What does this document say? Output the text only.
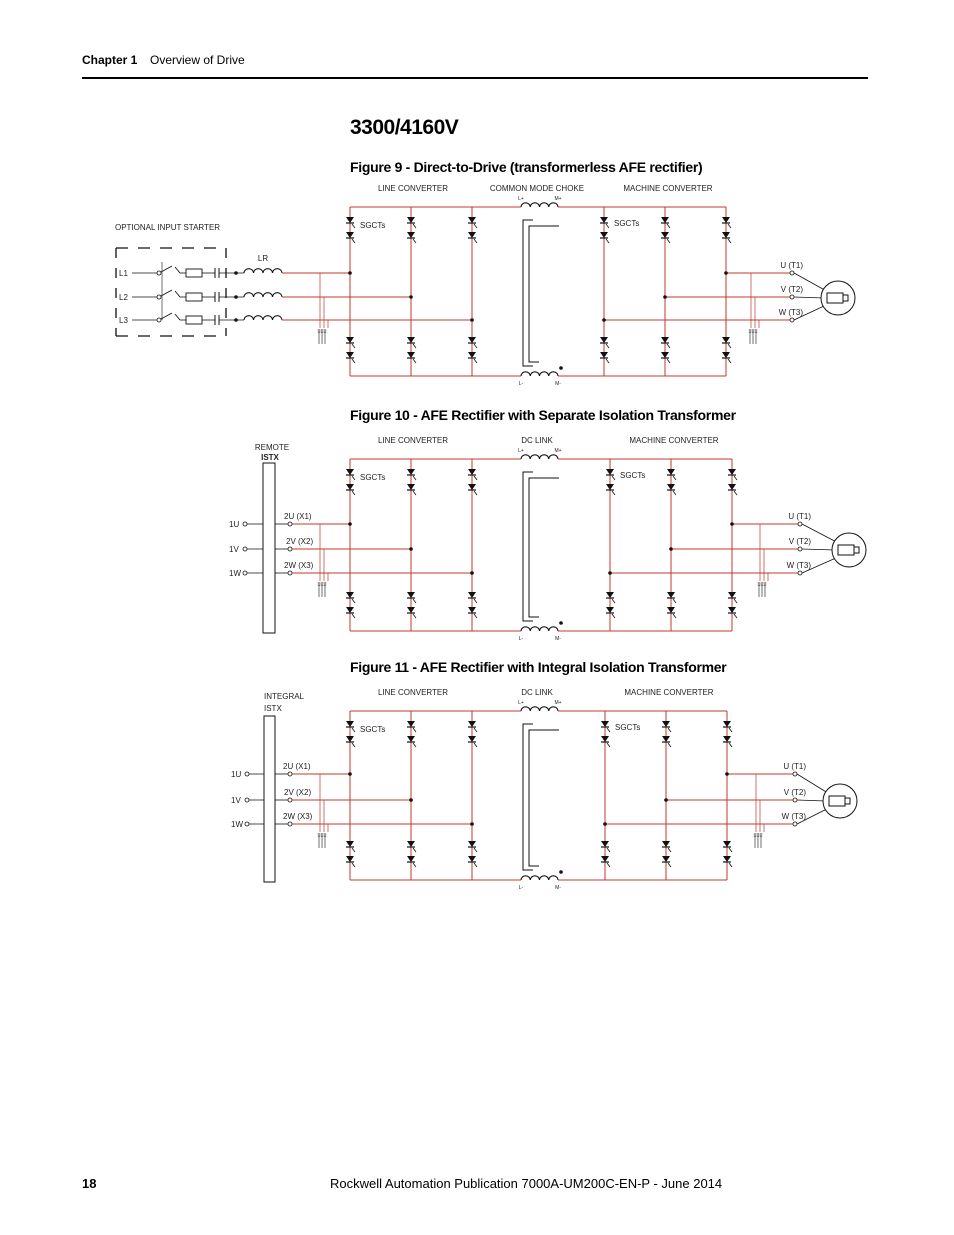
Chapter 1 Overview of Drive
3300/4160V
Figure 9 - Direct-to-Drive (transformerless AFE rectifier)
LINE CONVERTER	COMMON MODE CHOKE	MACHINE CONVERTER
SGCTs	SGCTs
L+	M+
L-	M-
U (T1)
V (T2)
W (T3)
OPTIONAL INPUT STARTER
L1
L2
L3
LR
Figure 10 - AFE Rectifier with Separate Isolation Transformer
LINE CONVERTER	DC LINK	MACHINE CONVERTER
SGCTs	SGCTs
L+	M+
L-	M-
U (T1)
V (T2)
W (T3)
REMOTE
ISTX
1U
2U (X1)
1V
2V (X2)
1W
2W (X3)
Figure 11 - AFE Rectifier with Integral Isolation Transformer
LINE CONVERTER	DC LINK	MACHINE CONVERTER
SGCTs	SGCTs
L+	M+
L-	M-
U (T1)
V (T2)
W (T3)
INTEGRAL
ISTX
1U
2U (X1)
1V
2V (X2)
1W
2W (X3)
18	Rockwell Automation Publication 7000A-UM200C-EN-P - June 2014
